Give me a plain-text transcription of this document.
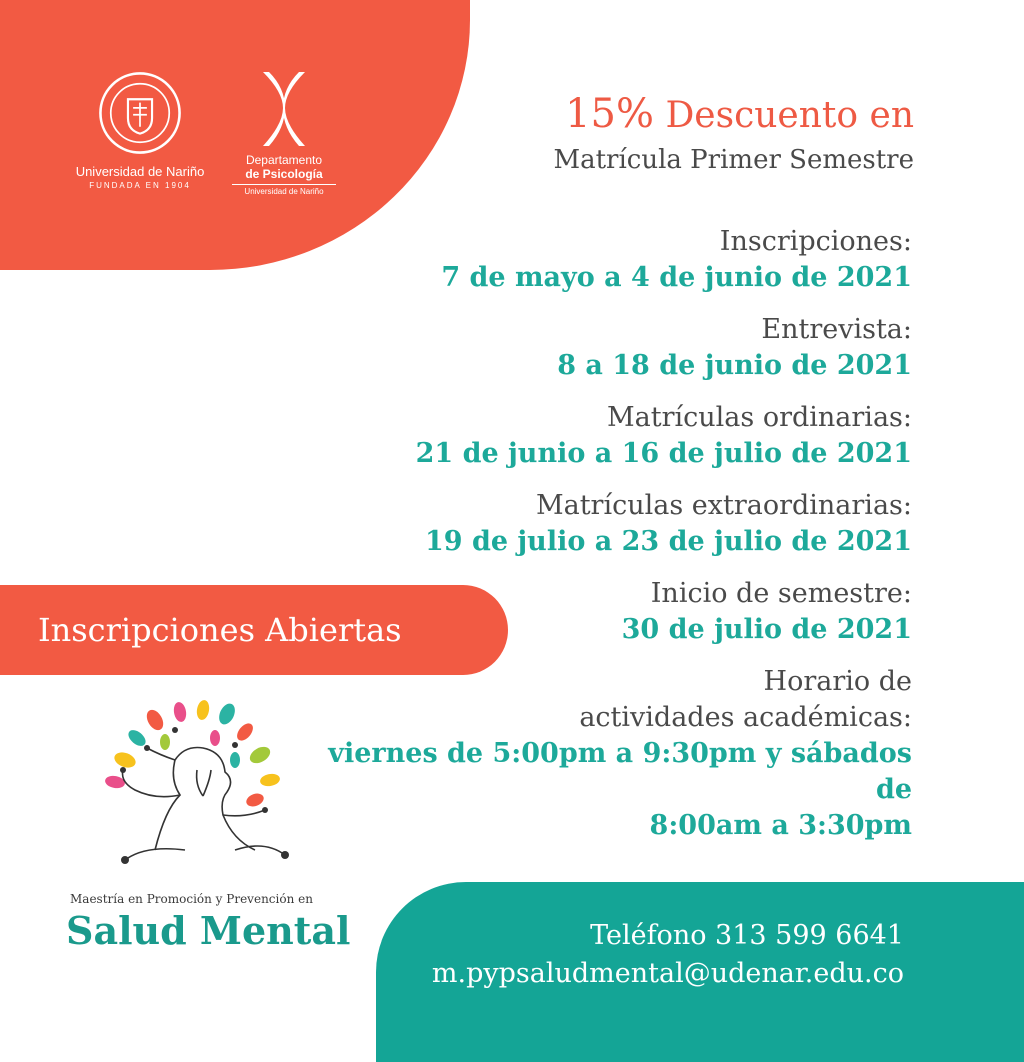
Universidad de Nariño
FUNDADA EN 1904
Departamento
de Psicología
Universidad de Nariño
15% Descuento en
Matrícula Primer Semestre
Inscripciones:
7 de mayo a 4 de junio de 2021
Entrevista:
8 a 18 de junio de 2021
Matrículas ordinarias:
21 de junio a 16 de julio de 2021
Matrículas extraordinarias:
19 de julio a 23 de julio de 2021
Inicio de semestre:
30 de julio de 2021
Horario de
actividades académicas:
viernes de 5:00pm a 9:30pm y sábados de
8:00am a 3:30pm
Inscripciones Abiertas
Maestría en Promoción y Prevención en
Salud Mental	Teléfono 313 599 6641
m.pypsaludmental@udenar.edu.co
